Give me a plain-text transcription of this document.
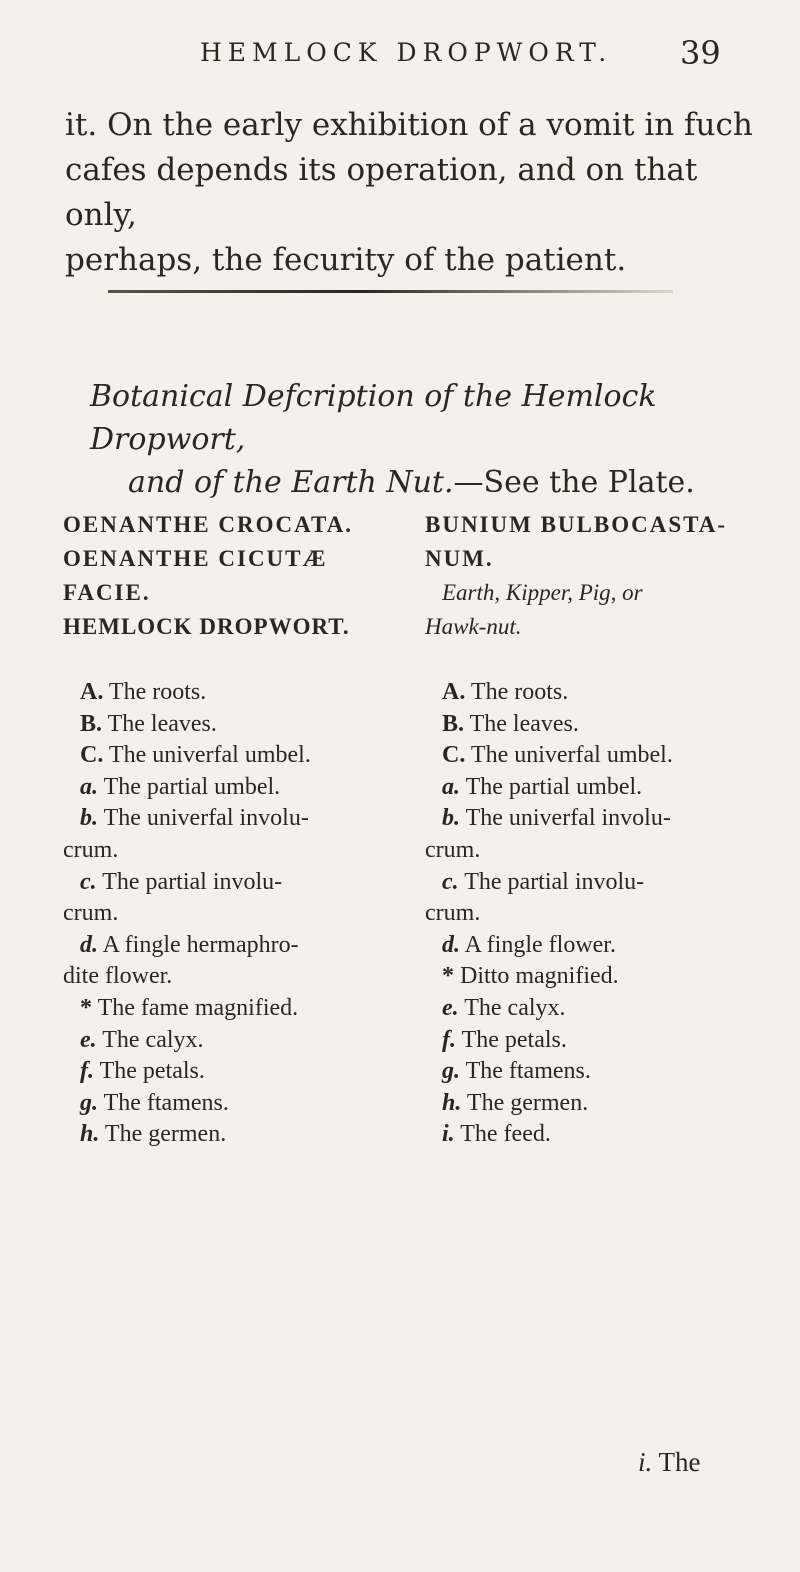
HEMLOCK DROPWORT. 39
it. On the early exhibition of a vomit in fuch
cafes depends its operation, and on that only,
perhaps, the fecurity of the patient.
Botanical Defcription of the Hemlock Dropwort,
and of the Earth Nut.—See the Plate.
OENANTHE CROCATA.
OENANTHE CICUTÆ
FACIE.
HEMLOCK DROPWORT.
A. The roots.
B. The leaves.
C. The univerfal umbel.
a. The partial umbel.
b. The univerfal involu-
crum.
c. The partial involu-
crum.
d. A fingle hermaphro-
dite flower.
* The fame magnified.
e. The calyx.
f. The petals.
g. The ftamens.
h. The germen.
BUNIUM BULBOCASTA-
NUM.
Earth, Kipper, Pig, or
Hawk-nut.
A. The roots.
B. The leaves.
C. The univerfal umbel.
a. The partial umbel.
b. The univerfal involu-
crum.
c. The partial involu-
crum.
d. A fingle flower.
* Ditto magnified.
e. The calyx.
f. The petals.
g. The ftamens.
h. The germen.
i. The feed.
i. The
